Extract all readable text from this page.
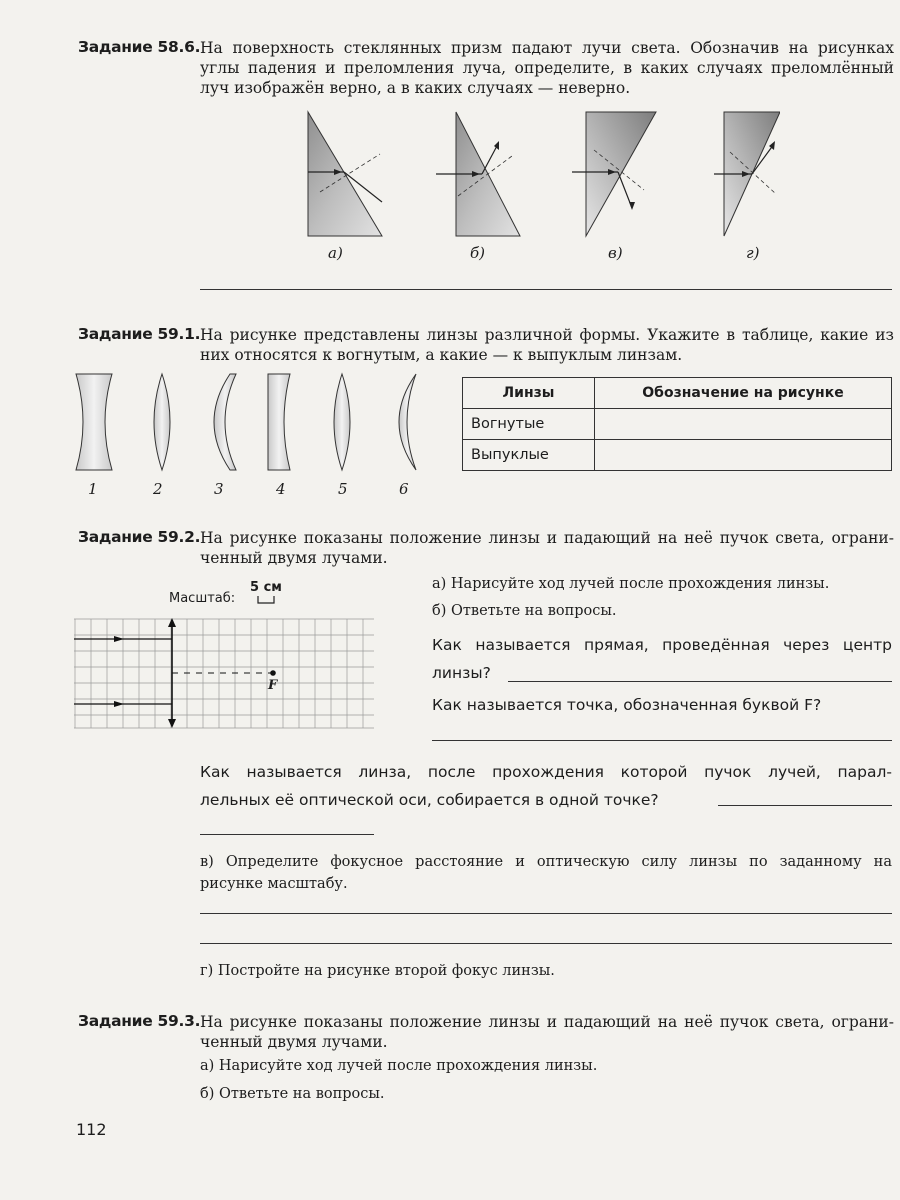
Задание 58.6. На поверхность стеклянных призм падают лучи света. Обозначив на рисунках
углы падения и преломления луча, определите, в каких случаях преломлённый
луч изображён верно, а в каких случаях — неверно.
а)	б)	в)	г)
Задание 59.1. На рисунке представлены линзы различной формы. Укажите в таблице, какие из
них относятся к вогнутым, а какие — к выпуклым линзам.
1	2	3	4	5	6
Линзы	Обозначение на рисунке
Вогнутые	
Выпуклые	
Задание 59.2. На рисунке показаны положение линзы и падающий на неё пучок света, ограни-
ченный двумя лучами.
Масштаб:
5 см
F
а) Нарисуйте ход лучей после прохождения линзы.
б) Ответьте на вопросы.
Как называется прямая, проведённая через центр
линзы?
Как называется точка, обозначенная буквой F?
Как называется линза, после прохождения которой пучок лучей, парал-
лельных её оптической оси, собирается в одной точке?
в) Определите фокусное расстояние и оптическую силу линзы по заданному на
рисунке масштабу.
г) Постройте на рисунке второй фокус линзы.
Задание 59.3. На рисунке показаны положение линзы и падающий на неё пучок света, ограни-
ченный двумя лучами.
а) Нарисуйте ход лучей после прохождения линзы.
б) Ответьте на вопросы.
112
